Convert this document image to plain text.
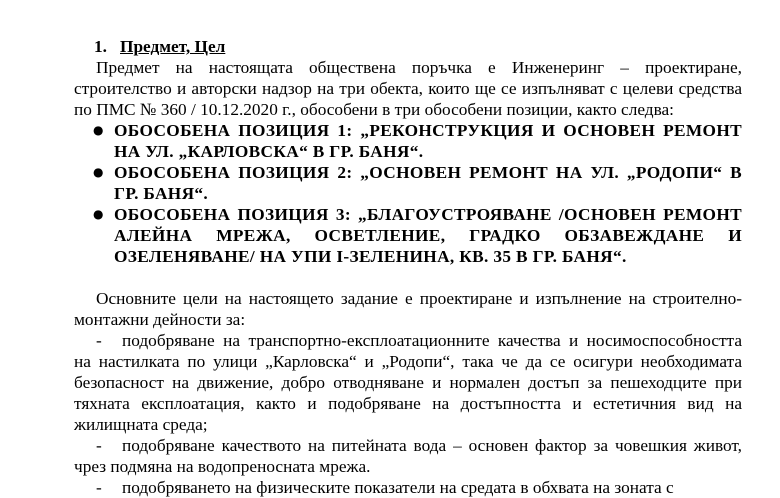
1. Предмет, Цел

Предмет на настоящата обществена поръчка е Инженеринг – проектиране, строителство и авторски надзор на три обекта, които ще се изпълняват с целеви средства по ПМС № 360 / 10.12.2020 г., обособени в три обособени позиции, както следва:

● ОБОСОБЕНА ПОЗИЦИЯ 1: „РЕКОНСТРУКЦИЯ И ОСНОВЕН РЕМОНТ НА УЛ. „КАРЛОВСКА“ В ГР. БАНЯ“.
● ОБОСОБЕНА ПОЗИЦИЯ 2: „ОСНОВЕН РЕМОНТ НА УЛ. „РОДОПИ“ В ГР. БАНЯ“.
● ОБОСОБЕНА ПОЗИЦИЯ 3: „БЛАГОУСТРОЯВАНЕ /ОСНОВЕН РЕМОНТ АЛЕЙНА МРЕЖА, ОСВЕТЛЕНИЕ, ГРАДКО ОБЗАВЕЖДАНЕ И ОЗЕЛЕНЯВАНЕ/ НА УПИ I-ЗЕЛЕНИНА, КВ. 35 В ГР. БАНЯ“.

Основните цели на настоящето задание е проектиране и изпълнение на строително-монтажни дейности за:

- подобряване на транспортно-експлоатационните качества и носимоспособността на настилката по улици „Карловска“ и „Родопи“, така че да се осигури необходимата безопасност на движение, добро отводняване и нормален достъп за пешеходците при тяхната експлоатация, както и подобряване на достъпността и естетичния вид на жилищната среда;

- подобряване качеството на питейната вода – основен фактор за човешкия живот, чрез подмяна на водопреносната мрежа.

- подобряването на физическите показатели на средата в обхвата на зоната с
